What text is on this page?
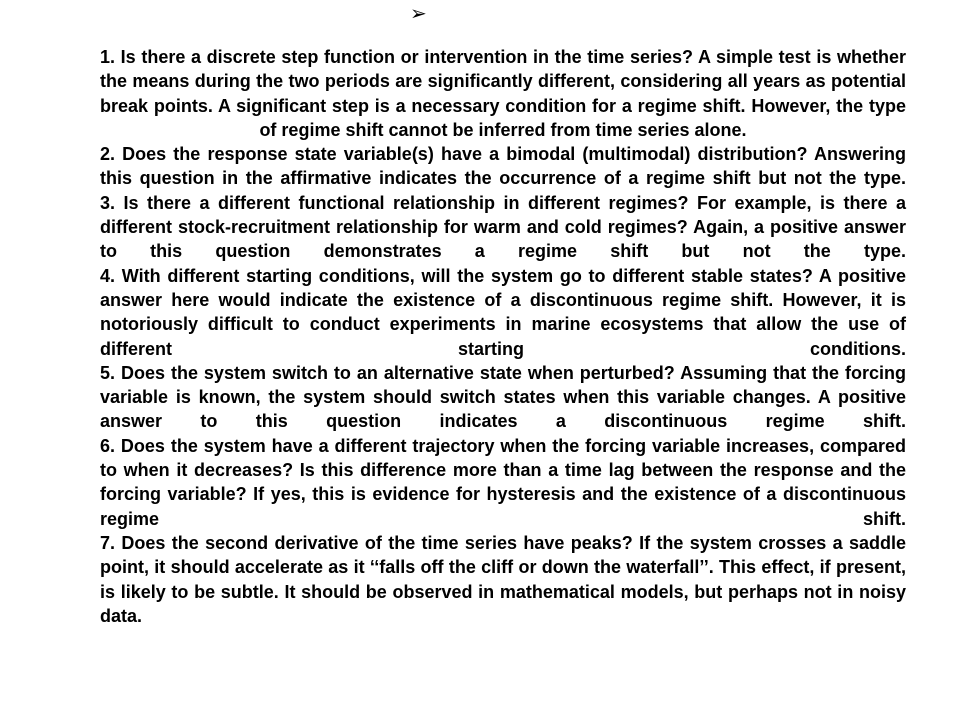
➢

1. Is there a discrete step function or intervention in the time series? A simple test is whether the means during the two periods are significantly different, considering all years as potential break points. A significant step is a necessary condition for a regime shift. However, the type of regime shift cannot be inferred from time series alone.

2. Does the response state variable(s) have a bimodal (multimodal) distribution? Answering this question in the affirmative indicates the occurrence of a regime shift but not the type.

3. Is there a different functional relationship in different regimes? For example, is there a different stock-recruitment relationship for warm and cold regimes? Again, a positive answer to this question demonstrates a regime shift but not the type.

4. With different starting conditions, will the system go to different stable states? A positive answer here would indicate the existence of a discontinuous regime shift. However, it is notoriously difficult to conduct experiments in marine ecosystems that allow the use of different starting conditions.

5. Does the system switch to an alternative state when perturbed? Assuming that the forcing variable is known, the system should switch states when this variable changes. A positive answer to this question indicates a discontinuous regime shift.

6. Does the system have a different trajectory when the forcing variable increases, compared to when it decreases? Is this difference more than a time lag between the response and the forcing variable? If yes, this is evidence for hysteresis and the existence of a discontinuous regime shift.

7. Does the second derivative of the time series have peaks? If the system crosses a saddle point, it should accelerate as it ‘‘falls off the cliff or down the waterfall’’. This effect, if present, is likely to be subtle. It should be observed in mathematical models, but perhaps not in noisy data.
